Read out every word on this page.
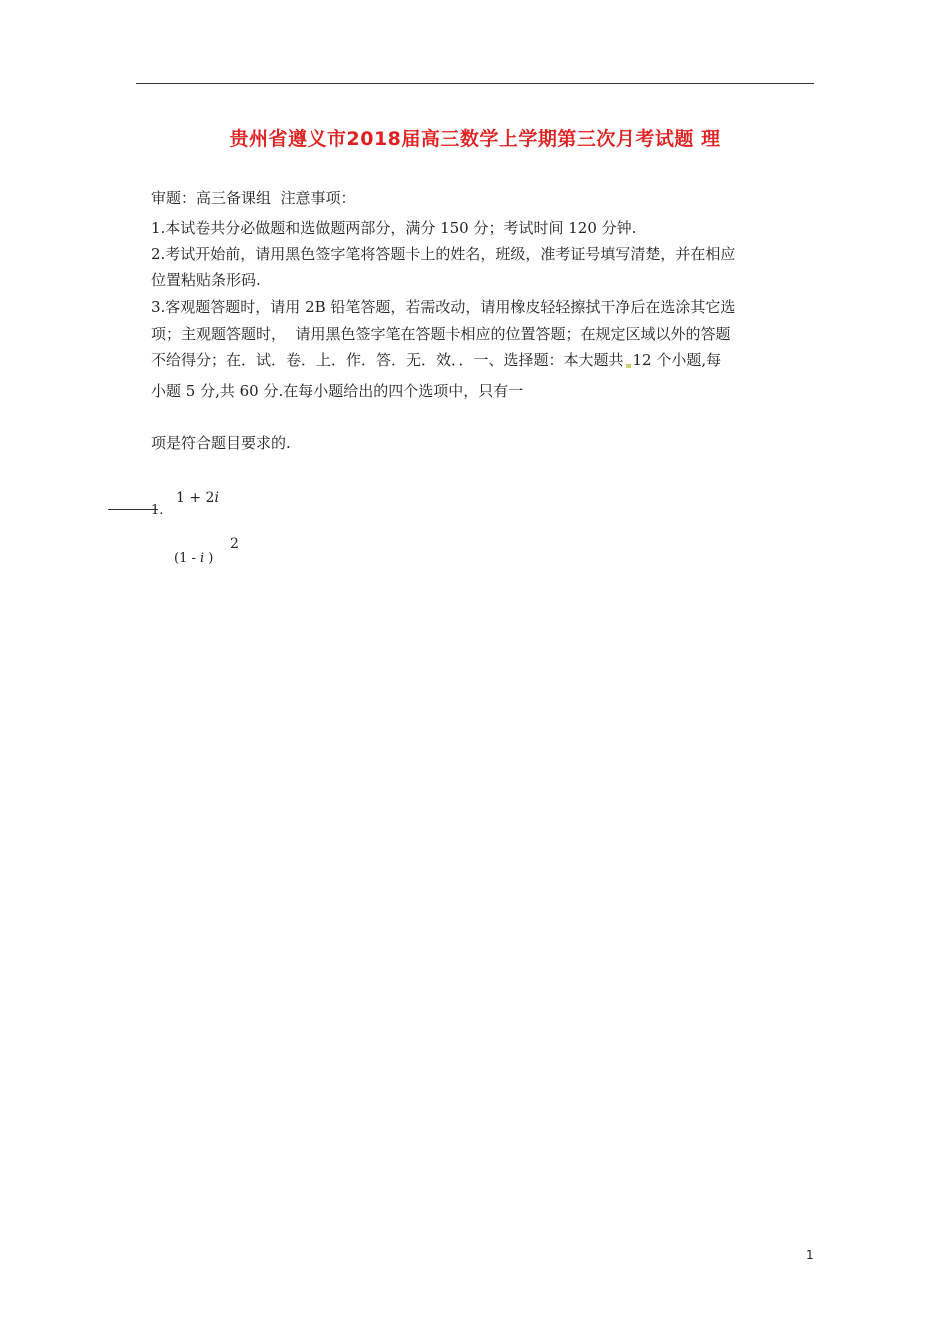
贵州省遵义市2018届高三数学上学期第三次月考试题 理
审题：高三备课组  注意事项：
1.本试卷共分必做题和选做题两部分，满分 150 分；考试时间 120 分钟.
2.考试开始前，请用黑色签字笔将答题卡上的姓名，班级，准考证号填写清楚，并在相应
位置粘贴条形码.
3.客观题答题时，请用 2B 铅笔答题，若需改动，请用橡皮轻轻擦拭干净后在选涂其它选
项；主观题答题时，  请用黑色签字笔在答题卡相应的位置答题；在规定区域以外的答题
不给得分；在．试．卷．上．作．答．无．效．．一、选择题：本大题共 12 个小题,每
小题 5 分,共 60 分.在每小题给出的四个选项中，只有一
项是符合题目要求的.
1.
1 + 2i
(1 - i )
2
1
